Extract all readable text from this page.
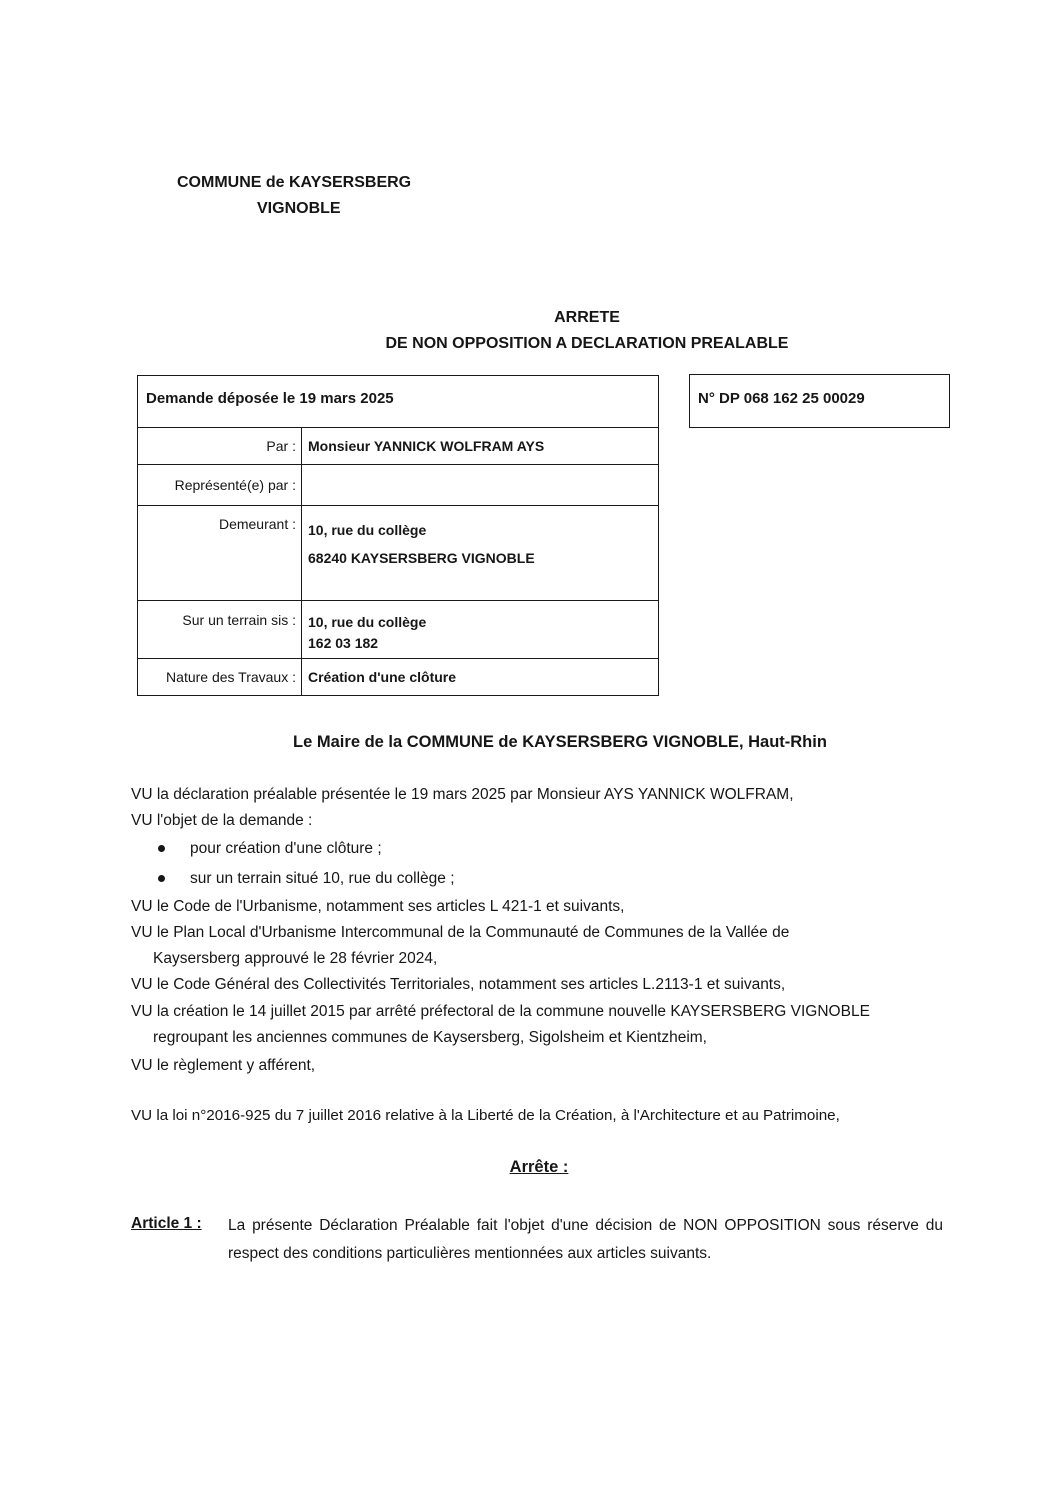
COMMUNE de KAYSERSBERG
VIGNOBLE
ARRETE
DE NON OPPOSITION A DECLARATION PREALABLE
Demande déposée le 19 mars 2025
Par : Monsieur YANNICK WOLFRAM AYS
Représenté(e) par :
Demeurant : 10, rue du collège
68240 KAYSERSBERG VIGNOBLE
Sur un terrain sis : 10, rue du collège
162 03 182
Nature des Travaux : Création d'une clôture
N° DP 068 162 25 00029
Le Maire de la COMMUNE de KAYSERSBERG VIGNOBLE, Haut-Rhin
VU la déclaration préalable présentée le 19 mars 2025 par Monsieur AYS YANNICK WOLFRAM,
VU l'objet de la demande :
pour création d'une clôture ;
sur un terrain situé 10, rue du collège ;
VU le Code de l'Urbanisme, notamment ses articles L 421-1 et suivants,
VU le Plan Local d'Urbanisme Intercommunal de la Communauté de Communes de la Vallée de
Kaysersberg approuvé le 28 février 2024,
VU le Code Général des Collectivités Territoriales, notamment ses articles L.2113-1 et suivants,
VU la création le 14 juillet 2015 par arrêté préfectoral de la commune nouvelle KAYSERSBERG VIGNOBLE
regroupant les anciennes communes de Kaysersberg, Sigolsheim et Kientzheim,
VU le règlement y afférent,
VU la loi n°2016-925 du 7 juillet 2016 relative à la Liberté de la Création, à l'Architecture et au Patrimoine,
Arrête :
Article 1 : La présente Déclaration Préalable fait l'objet d'une décision de NON OPPOSITION sous réserve du respect des conditions particulières mentionnées aux articles suivants.
